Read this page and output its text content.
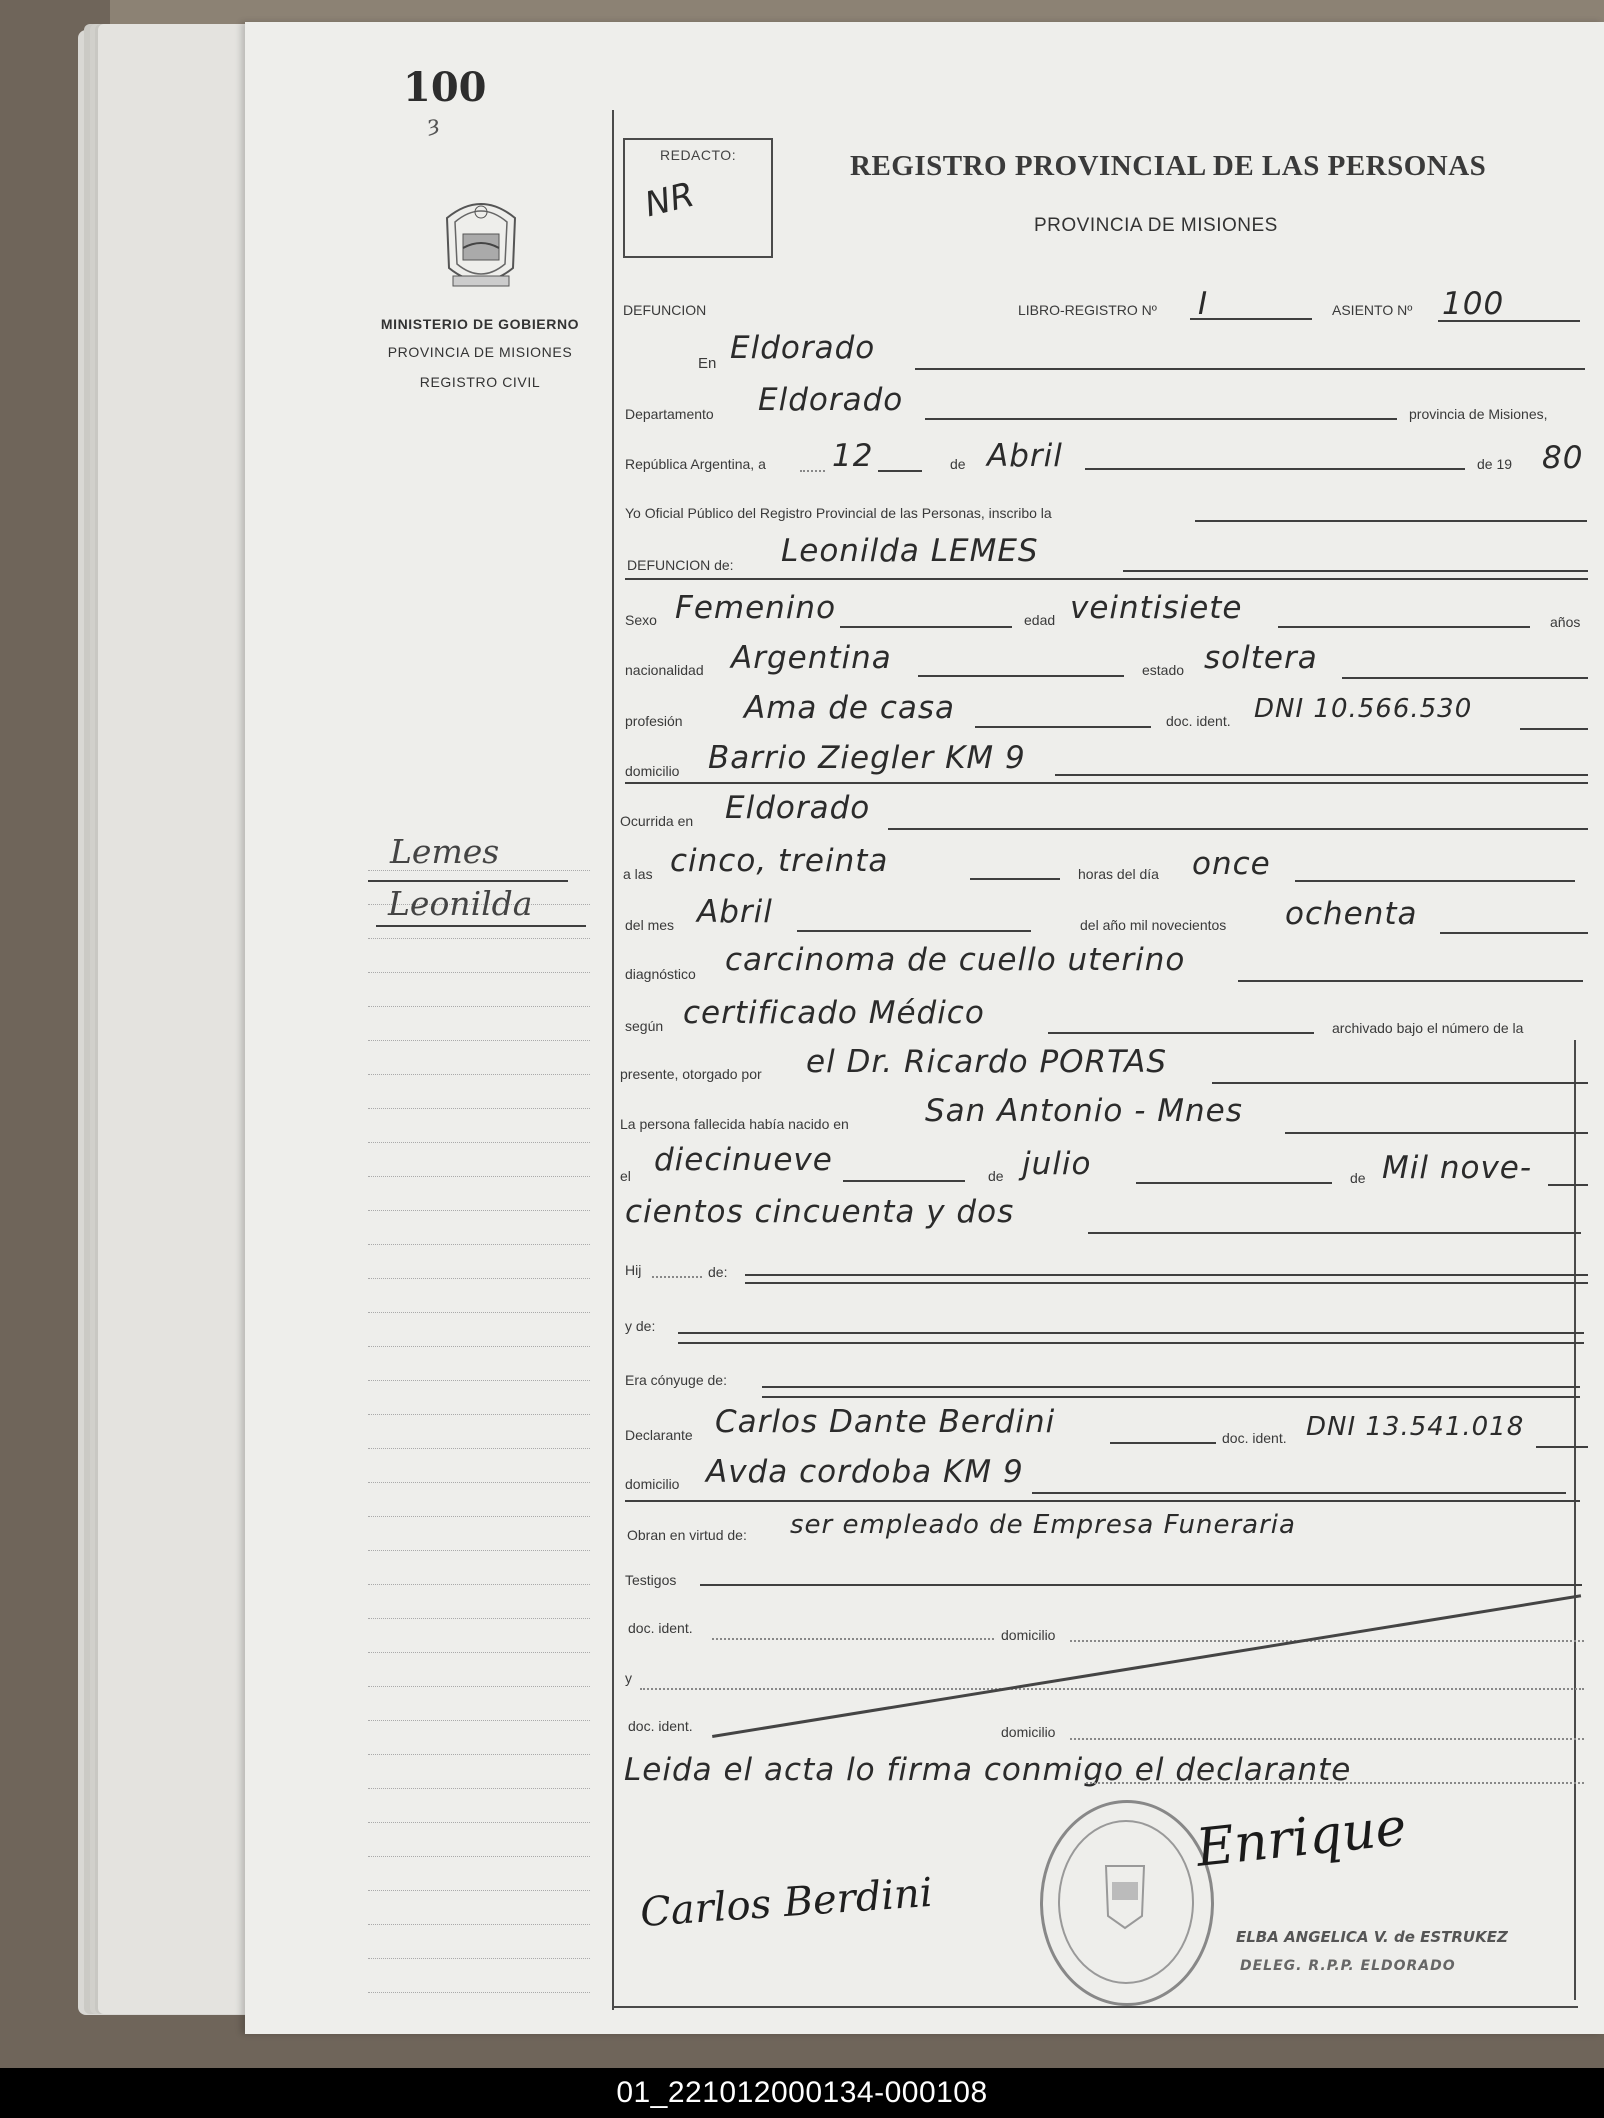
100
ȝ
MINISTERIO DE GOBIERNO
PROVINCIA DE MISIONES
REGISTRO CIVIL
Lemes
Leonilda
REDACTO:
NR
REGISTRO PROVINCIAL DE LAS PERSONAS
PROVINCIA DE MISIONES
DEFUNCION	LIBRO-REGISTRO Nº I	ASIENTO Nº 100
En Eldorado
Departamento Eldorado	provincia de Misiones,
República Argentina, a 12	de Abril	de 19 80
Yo Oficial Público del Registro Provincial de las Personas, inscribo la
DEFUNCION de: Leonilda LEMES
Sexo Femenino	edad veintisiete	años
nacionalidad Argentina	estado soltera
profesión Ama de casa	doc. ident. DNI 10.566.530
domicilio Barrio Ziegler KM 9
Ocurrida en Eldorado
a las cinco, treinta	horas del día once
del mes Abril	del año mil novecientos ochenta
diagnóstico carcinoma de cuello uterino
según certificado Médico	archivado bajo el número de la
presente, otorgado por el Dr. Ricardo PORTAS
La persona fallecida había nacido en San Antonio - Mnes
el diecinueve	de julio	de Mil nove-
cientos cincuenta y dos
Hij	de:
y de:
Era cónyuge de:
Declarante Carlos Dante Berdini	doc. ident. DNI 13.541.018
domicilio Avda cordoba KM 9
Obran en virtud de: ser empleado de Empresa Funeraria
Testigos
doc. ident.	domicilio
y
doc. ident.	domicilio
Leida el acta lo firma conmigo el declarante
Carlos Berdini
Enrique
ELBA ANGELICA V. de ESTRUKEZ
DELEG. R.P.P. ELDORADO
01_221012000134-000108
